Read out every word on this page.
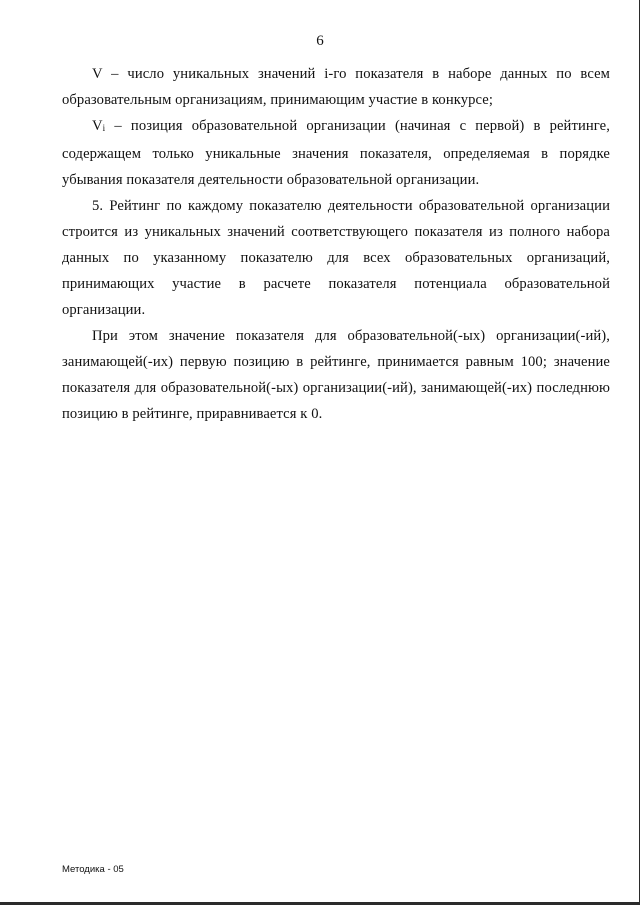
6

V – число уникальных значений i-го показателя в наборе данных по всем образовательным организациям, принимающим участие в конкурсе;

$V_i$ – позиция образовательной организации (начиная с первой) в рейтинге, содержащем только уникальные значения показателя, определяемая в порядке убывания показателя деятельности образовательной организации.

5. Рейтинг по каждому показателю деятельности образовательной организации строится из уникальных значений соответствующего показателя из полного набора данных по указанному показателю для всех образовательных организаций, принимающих участие в расчете показателя потенциала образовательной организации.

При этом значение показателя для образовательной(-ых) организации(-ий), занимающей(-их) первую позицию в рейтинге, принимается равным 100; значение показателя для образовательной(-ых) организации(-ий), занимающей(-их) последнюю позицию в рейтинге, приравнивается к 0.

Методика - 05
